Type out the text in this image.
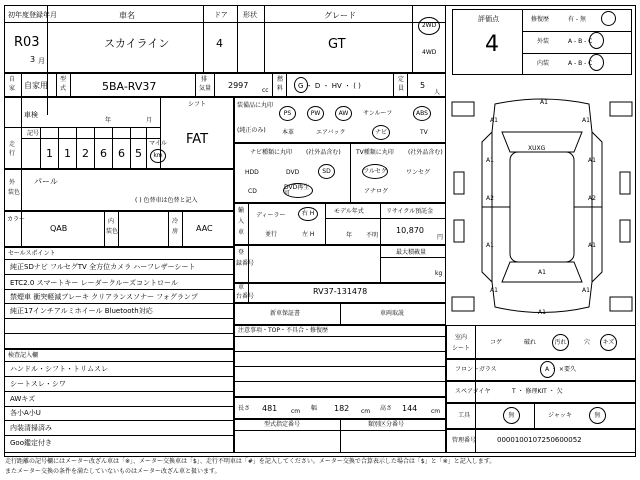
初年度登録年月	車名	ドア 形状	グレード
R03
3 月
スカイライン	4	GT
2WD
4WD
自
家 自家用
型
式	5BA-RV37
排
気量 2997
cc
燃
料 G ・ D ・ HV ・ ( )
定
員 5
人
車検
年	月
シフト
FAT
走
行
記号
1 1 2 6 6 5
マイル
km
外
装色
パール
( ) 色替車は色替と記入
カラー
QAB
内
装色
冷
房 AAC
セールスポイント
純正SDナビ フルセグTV 全方位カメラ ハーフレザーシート
ETC2.0 スマートキー レーダークルーズコントロール
禁煙車 衝突軽減ブレーキ クリアランスソナー フォグランプ
純正17インチアルミホイール Bluetooth対応
検査記入欄
ハンドル・シフト・トリムスレ
シートスレ・シワ
AWキズ
各小A小U
内装清掃済み
Goo鑑定付き
装備品に丸印
(純正のみ)
PS	PW	AW サンルーフ	ABS
本革	エアバック	ナビ	TV
ナビ種類に丸印 (社外品含む)	TV種類に丸印 (社外品含む)
HDD	DVD	SD
CD
DVD再生可
フルセグ	ワンセグ
アナログ
輸
入
車
ディーラー	右 H
並行	左 H
モデル年式
年 不明
リサイクル預託金
10,870
円
登
録番号
最大積載量
kg
車
台番号
RV37-131478
新車保証書	車両取説
注意事項・TOP・不具合・修復歴
長さ 481 cm 幅 182 cm 高さ 144 cm
型式指定番号	類別区分番号
評価点
4
修復歴	有 - 無
外装	A - B - C
内装	A - B - C
A1
A1	A1
A1	A1
A1	A1
A2	A2
A1	A1
A1
A1
XUXG
室内
シート
コゲ	破れ	汚れ	穴 キズ
フロントガラス	A ・ ×要久
スペアタイヤ	T ・ 修理KIT ・ 欠
工具	無	ジャッキ	無
管理番号	0000100107250600052
走行距離の記号欄にはメーター改ざん車は「※」、メーター交換車は「$」、走行不明車は「#」を記入してください。メーター交換で合算表示した場合は「$」と「※」と記入します。
またメーター交換の条件を満たしていないものはメーター改ざん車と扱います。
